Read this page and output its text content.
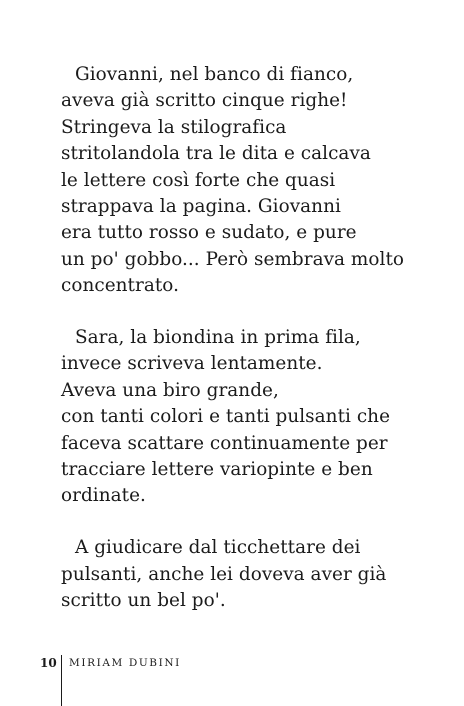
Giovanni, nel banco di fianco,
aveva già scritto cinque righe!
Stringeva la stilografica
stritolandola tra le dita e calcava
le lettere così forte che quasi
strappava la pagina. Giovanni
era tutto rosso e sudato, e pure
un po' gobbo... Però sembrava molto
concentrato.

Sara, la biondina in prima fila,
invece scriveva lentamente.
Aveva una biro grande,
con tanti colori e tanti pulsanti che
faceva scattare continuamente per
tracciare lettere variopinte e ben
ordinate.

A giudicare dal ticchettare dei
pulsanti, anche lei doveva aver già
scritto un bel po'.

10 MIRIAM DUBINI
